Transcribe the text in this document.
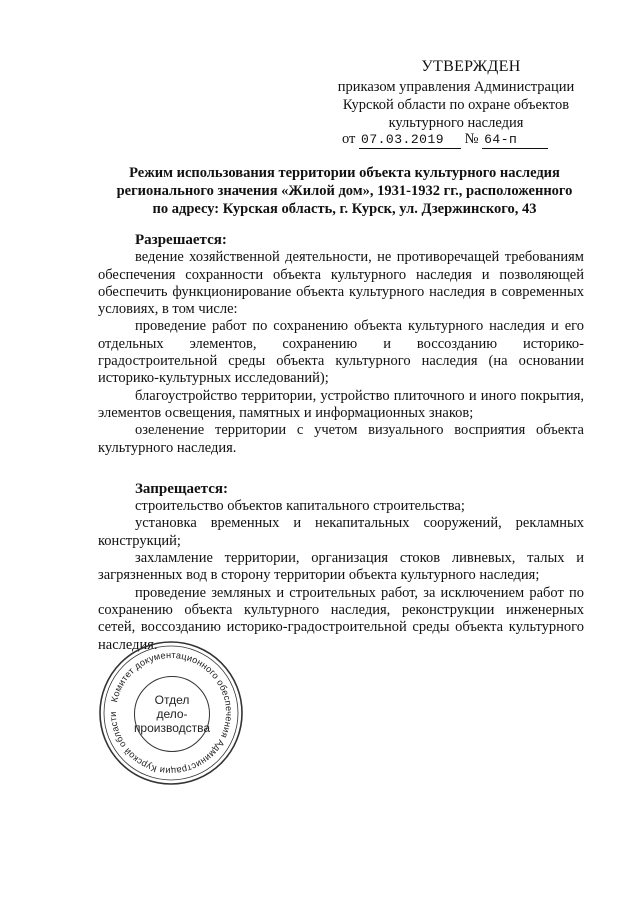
УТВЕРЖДЕН
приказом управления Администрации
Курской области по охране объектов
культурного наследия
от 07.03.2019 № 64-п
Режим использования территории объекта культурного наследия регионального значения «Жилой дом», 1931-1932 гг., расположенного по адресу: Курская область, г. Курск, ул. Дзержинского, 43

Разрешается:

ведение хозяйственной деятельности, не противоречащей требованиям обеспечения сохранности объекта культурного наследия и позволяющей обеспечить функционирование объекта культурного наследия в современных условиях, в том числе:

проведение работ по сохранению объекта культурного наследия и его отдельных элементов, сохранению и воссозданию историко-градостроительной среды объекта культурного наследия (на основании историко-культурных исследований);

благоустройство территории, устройство плиточного и иного покрытия, элементов освещения, памятных и информационных знаков;

озеленение территории с учетом визуального восприятия объекта культурного наследия.

Запрещается:

строительство объектов капитального строительства;

установка временных и некапитальных сооружений, рекламных конструкций;

захламление территории, организация стоков ливневых, талых и загрязненных вод в сторону территории объекта культурного наследия;

проведение земляных и строительных работ, за исключением работ по сохранению объекта культурного наследия, реконструкции инженерных сетей, воссозданию историко-градостроительной среды объекта культурного наследия.

Комитет документационного обеспечения Администрации Курской области
Отдел
дело-
производства
